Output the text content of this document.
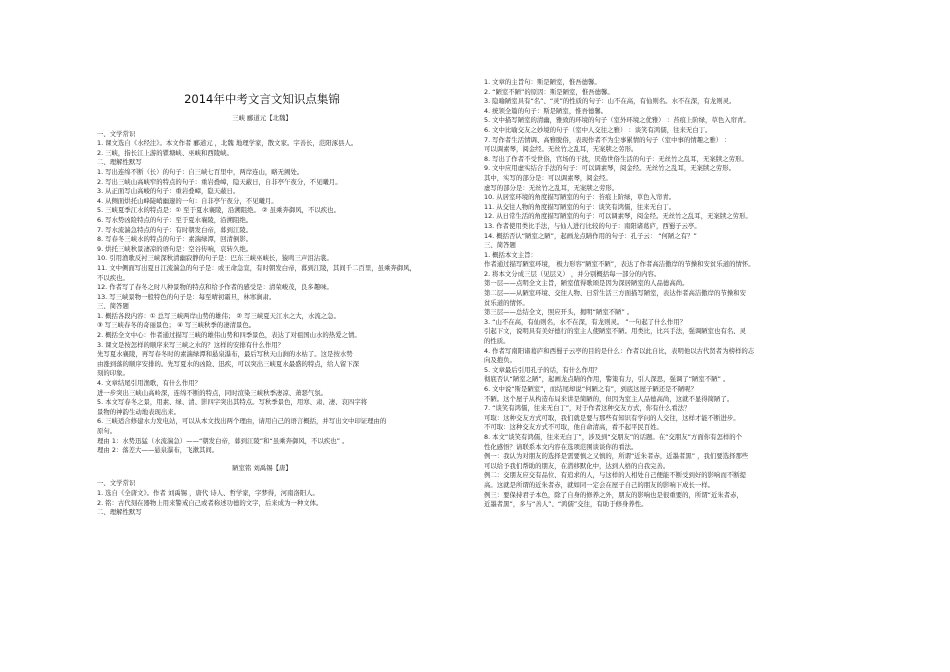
2014年中考文言文知识点集锦
三峡 郦道元【北魏】
一、文学常识
1. 课文选自《水经注》。本文作者 郦道元 ，北魏 地理学家，散文家。字善长，范阳涿县人。
2. 三峡，指长江上游的瞿塘峡、巫峡和西陵峡。
二、理解性默写
1. 写出连绵不断（长）的句子：自三峡七百里中，两岸连山，略无阙处。
2. 写出三峡山高峡窄的特点的句子：重岩叠嶂，隐天蔽日，自非亭午夜分，不见曦月。
3. 从正面写山高峻的句子：重岩叠嶂，隐天蔽日。
4. 从侧面烘托山峰陡峭幽邃的一句：自非亭午夜分，不见曦月。
5. 三峡夏季江水的特点是：① 至于夏水襄陵，沿溯阻绝。 ② 虽乘奔御风，不以疾也。
6. 写水势凶险特点的句子：至于夏水襄陵，沿溯阻绝。
7. 写水流湍急特点的句子：有时朝发白帝，暮到江陵。
8. 写春冬三峡水的特点的句子：素湍绿潭，回清倒影。
9. 烘托三峡秋景凄凉的语句是：空谷传响，哀转久绝。
10. 引用渔歌反衬三峡深秋清幽寂静的句子是：巴东三峡巫峡长，猿鸣三声泪沾裳。
11. 文中侧面写出夏日江流湍急的句子是：或王命急宣，有时朝发白帝，暮到江陵，其间千二百里，虽乘奔御风，
不以疾也。
12. 作者写了春冬之时八种景物的特点和给予作者的感受是：清荣峻茂，良多趣味。
13. 写三峡景物一般特色的句子是：每至晴初霜旦，林寒涧肃。
三、简答题
1. 概括各段内容：① 总写三峡两岸山势的雄伟； ② 写三峡夏天江水之大，水流之急。
③ 写三峡春冬的奇丽景色； ④ 写三峡秋季的凄清景色。
2. 概括全文中心：作者通过描写三峡的雄伟山势和四季景色，表达了对祖国山水的热爱之情。
3. 课文是按怎样的顺序来写三峡之水的？这样的安排有什么作用？
先写夏水襄陵，再写春冬时的素湍绿潭和悬泉瀑布，最后写秋天山涧的水枯了。这是按水势
由涨到落的顺序安排的。先写夏水的凶险、迅疾，可以突出三峡夏水最盛的特点，给人留下深
刻的印象。
4. 文章结尾引用渔歌，有什么作用？
进一步突出三峡山高岭深，连绵不断的特点，同时渲染三峡秋季凄凉、萧瑟气氛。
5. 本文写春冬之景，用素、绿、清、影四字突出其特点。写秋季景色，用寒、肃、凄、哀四字将
景物的神韵生动地表现出来。
6. 三峡适合修建水力发电站，可以从本文找出两个理由，请用自己的语言概括，并写出文中印证理由的
原句。
理由 1：水势迅猛（水流湍急）——“朝发白帝，暮到江陵”和“虽乘奔御风，不以疾也” 。
理由 2：落差大——悬泉瀑布，飞漱其间。
陋室铭 刘禹锡【唐】
一、文学常识
1. 选自《全唐文》。作者 刘禹锡 ，唐代 诗人、哲学家，字梦得，河南洛阳人。
2. 铭：古代刻在器物上用来警戒自己或者称述功德的文字，后来成为一种文体。
二、理解性默写
1. 文章的主旨句：斯是陋室，惟吾德馨。
2. “陋室不陋”的原因：斯是陋室，惟吾德馨。
3. 隐喻陋室具有“名”、“灵”的性质的句子：山不在高，有仙则名。水不在深，有龙则灵。
4. 统领全篇的句子：斯是陋室，惟吾德馨。
5. 文中描写陋室的清幽，雅致的环境的句子（室外环境之优雅） ：苔痕上阶绿，草色入帘青。
6. 文中比喻交友之妙境的句子（室中人交往之雅） ：谈笑有鸿儒，往来无白丁。
7. 写作者生活情调、高雅脱俗，表现作者不为尘事累情的句子（室中事的情趣之雅） ：
可以调素琴，阅金经。无丝竹之乱耳，无案牍之劳形。
8. 写出了作者不受世俗，官场的干扰，厌倦世俗生活的句子：无丝竹之乱耳，无案牍之劳形。
9. 文中应用虚实结合手法的句子：可以调素琴，阅金经。无丝竹之乱耳，无案牍之劳形。
其中，实写的部分是：可以调素琴，阅金经。
虚写的部分是：无丝竹之乱耳，无案牍之劳形。
10. 从居室环境的角度描写陋室的句子：苔痕上阶绿，草色入帘青。
11. 从交往人物的角度描写陋室的句子：谈笑有鸿儒，往来无白丁。
12. 从日常生活的角度描写陋室的句子：可以调素琴，阅金经。无丝竹之乱耳，无案牍之劳形。
13. 作者使用类比手法，与仙人进行比较的句子：南阳诸葛庐，西蜀子云亭。
14. 概括否认“陋室之陋”，起画龙点睛作用的句子：孔子云： “何陋之有？”
三、简答题
1. 概括本文主旨：
作者通过描写陋室环境， 极力形容“陋室不陋”，表达了作者高洁傲岸的节操和安贫乐道的情怀。
2. 将本文分成三层（见层义） ，并分别概括每一部分的内容。
第一层——点明全文主旨，陋室值得歌颂是因为深居陋室的人品德高尚。
第二层——从陋室环境、交往人物、日常生活三方面描写陋室，表达作者高洁傲岸的节操和安
贫乐道的情怀。
第三层——总结全文，照应开头，揭明“陋室不陋” 。
3. “山不在高，有仙则名，水不在深，有龙则灵。 ”一句起了什么作用？
引起下文，说明具有美好德行的室主人使陋室不陋。用类比，比兴手法，强调陋室也有名、灵
的性质。
4. 作者写南阳诸葛庐和西蜀子云亭的目的是什么：作者以此自比，表明他以古代贤者为榜样的志
向及抱负。
5. 文章最后引用孔子的话，有什么作用？
彻底否认“陋室之陋”，起画龙点睛的作用，警策有力，引人深思，强调了“陋室不陋” 。
6. 文中说“斯是陋室”，而结尾却说“何陋之有”，到底这屋子陋还是不陋呢？
不陋。这个屋子从构造布局来讲是简陋的，但因为室主人品德高尚，这就不显得简陋了。
7. “谈笑有鸿儒，往来无白丁”，对于作者这种交友方式，你有什么看法？
可取：这种交友方式可取，我们就是要与那些有知识有学问的人交往，这样才能不断进步。
不可取：这种交友方式不可取，他自命清高，看不起平民百姓。
8. 本文“谈笑有鸿儒，往来无白丁”，涉及到“交朋友”的话题。在“交朋友”方面你有怎样的个
性化感悟？请联系本文内容在选项范围谈谈你的看法。
例一：我认为对朋友的选择是需要慎之又慎的，所谓“近朱者赤，近墨者黑” ，我们要选择那些
可以给予我们帮助的朋友，在潜移默化中，达到人格的自我完善。
例二：交朋友应交有品位、有追求的人，与这样的人相处自己便能不断受到好的影响而不断提
高。这就是所谓的近朱者赤，就如同一定会在屋子自己的朋友的影响下成长一样。
例三：要保持君子本色，除了自身的修养之外，朋友的影响也是很重要的，所谓“近朱者赤，
近墨者黑”，多与“善人”、“鸿儒”交往，有助于修身养性。
